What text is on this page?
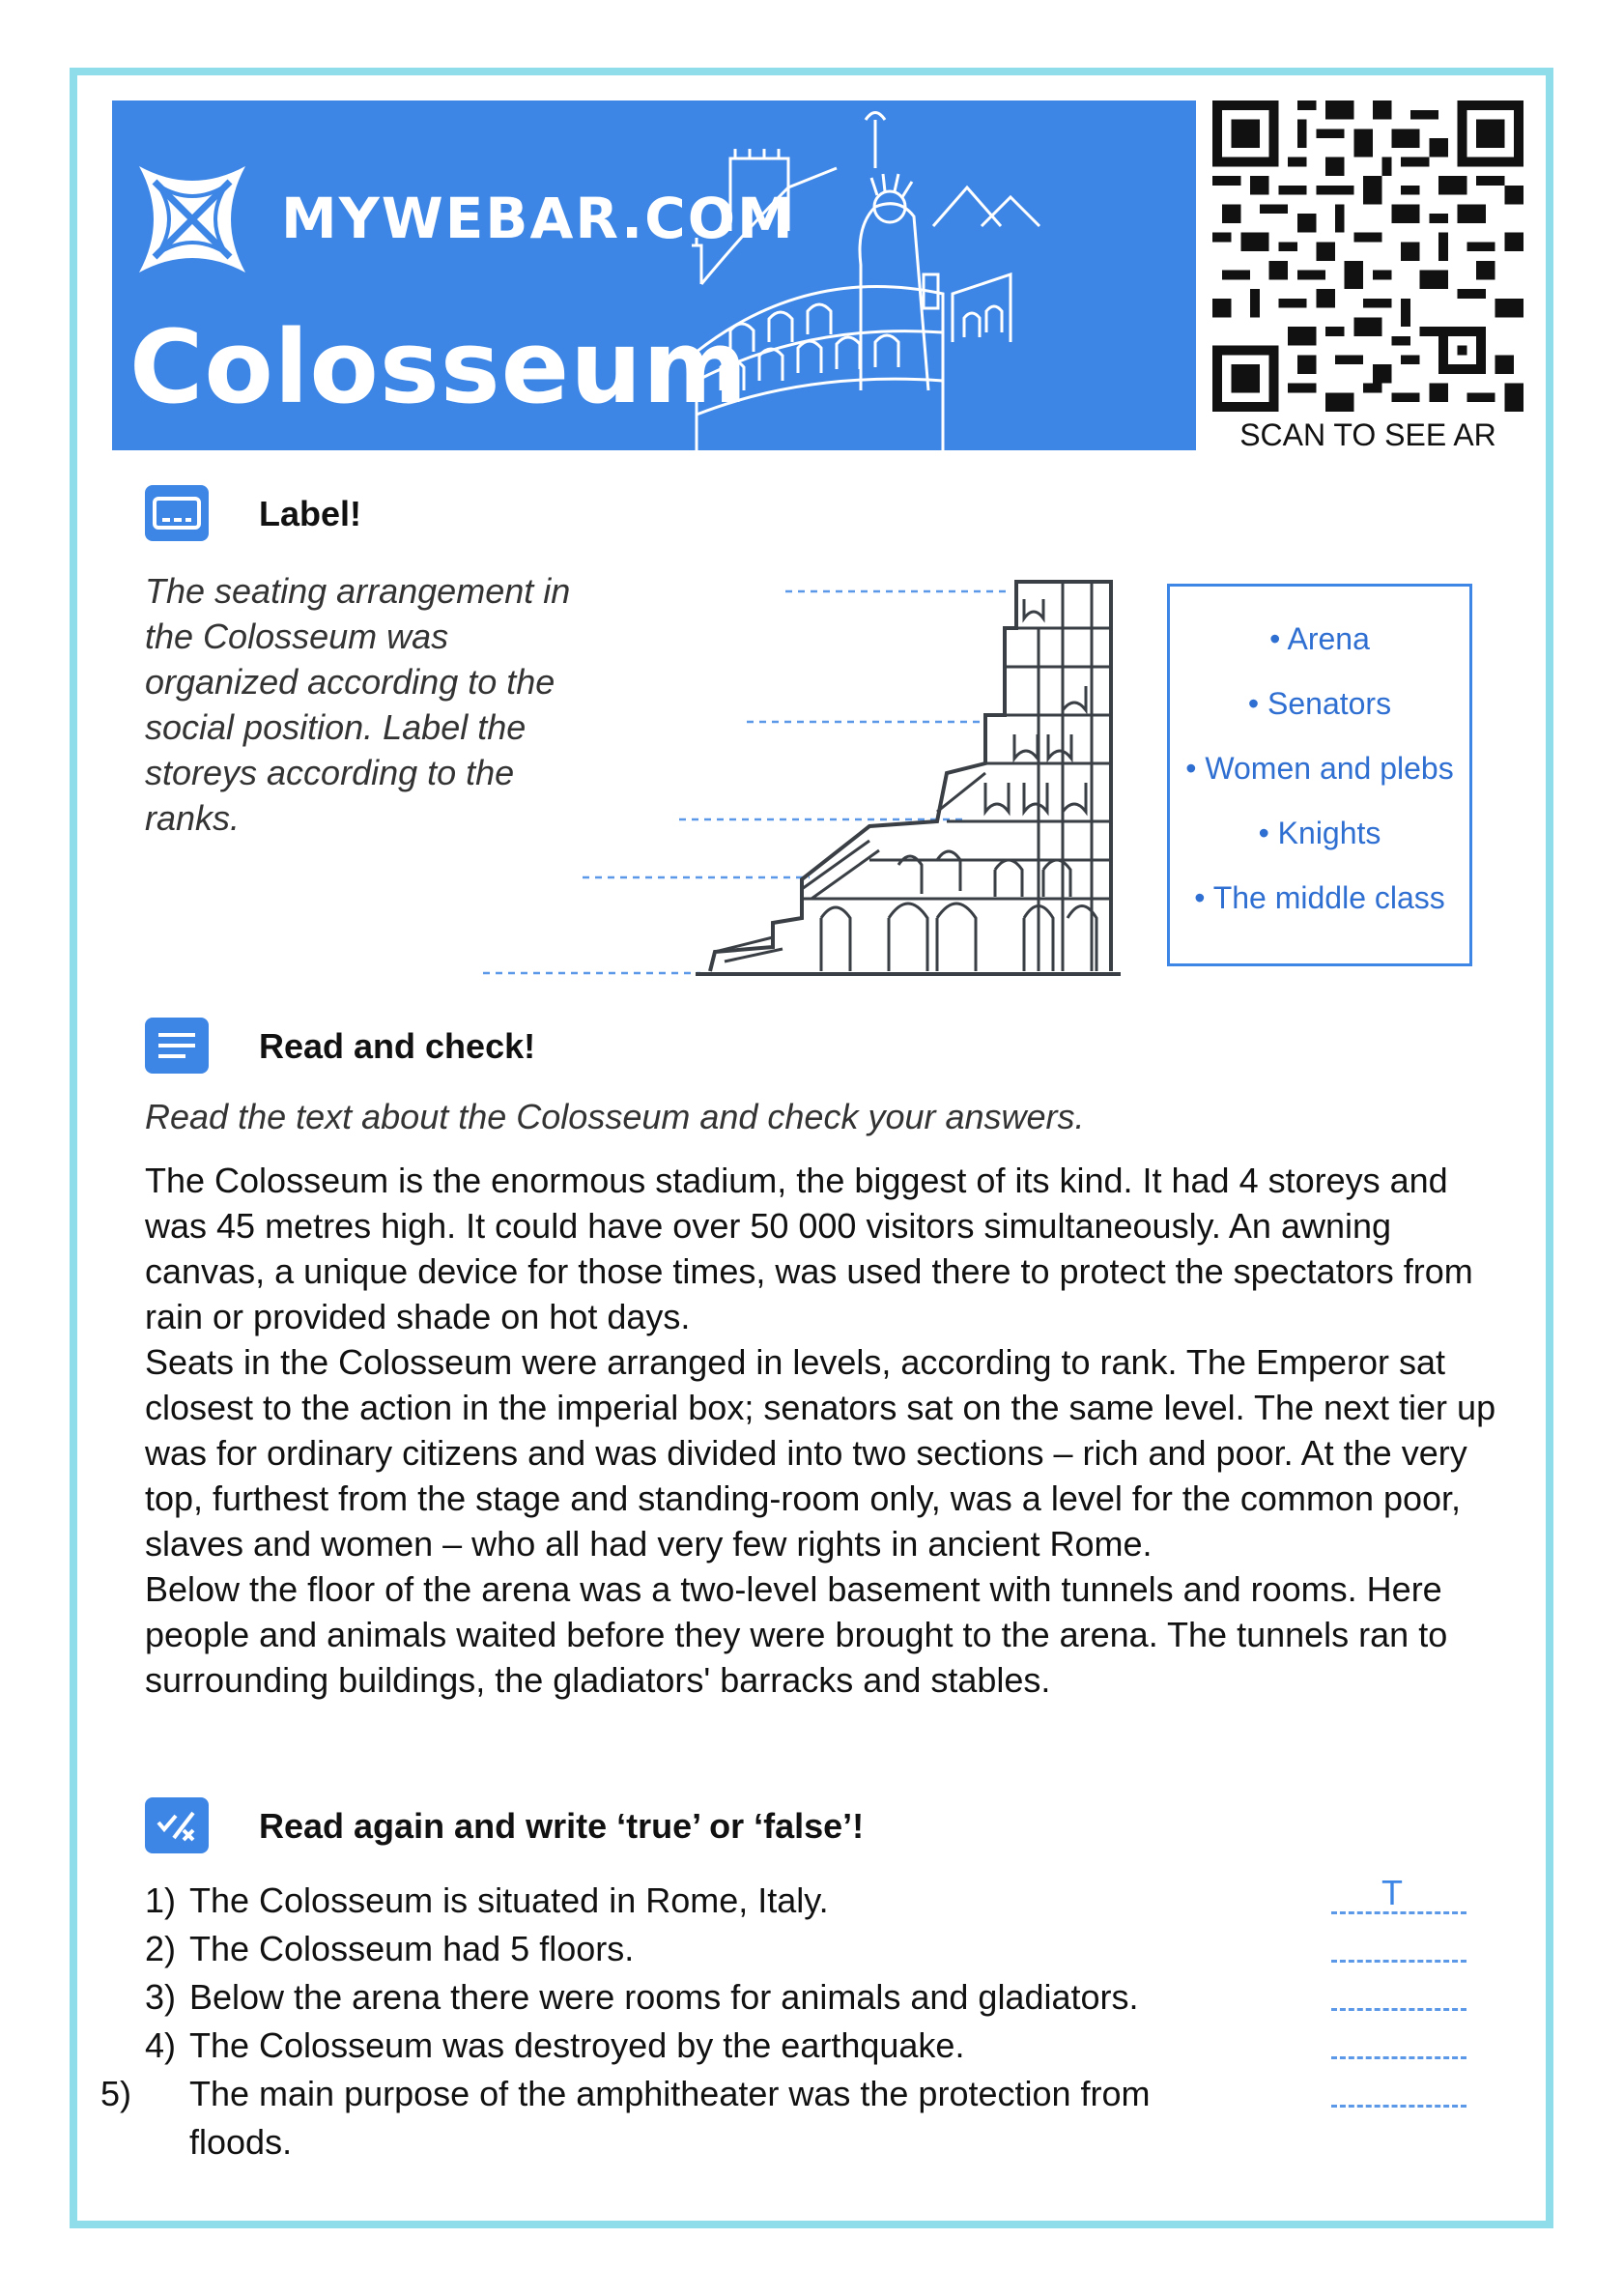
MYWEBAR.COM
Colosseum
SCAN TO SEE AR
Label!
The seating arrangement in the Colosseum was organized according to the social position. Label the storeys according to the ranks.
• Arena
• Senators
• Women and plebs
• Knights
• The middle class
Read and check!
Read the text about the Colosseum and check your answers.

The Colosseum is the enormous stadium, the biggest of its kind. It had 4 storeys and was 45 metres high. It could have over 50 000 visitors simultaneously. An awning canvas, a unique device for those times, was used there to protect the spectators from rain or provided shade on hot days.

Seats in the Colosseum were arranged in levels, according to rank. The Emperor sat closest to the action in the imperial box; senators sat on the same level. The next tier up was for ordinary citizens and was divided into two sections – rich and poor. At the very top, furthest from the stage and standing-room only, was a level for the common poor, slaves and women – who all had very few rights in ancient Rome.

Below the floor of the arena was a two-level basement with tunnels and rooms. Here people and animals waited before they were brought to the arena. The tunnels ran to surrounding buildings, the gladiators' barracks and stables.

Read again and write ‘true’ or ‘false’!
1) The Colosseum is situated in Rome, Italy.	T
2) The Colosseum had 5 floors.
3) Below the arena there were rooms for animals and gladiators.
4) The Colosseum was destroyed by the earthquake.
5) The main purpose of the amphitheater was the protection from floods.
